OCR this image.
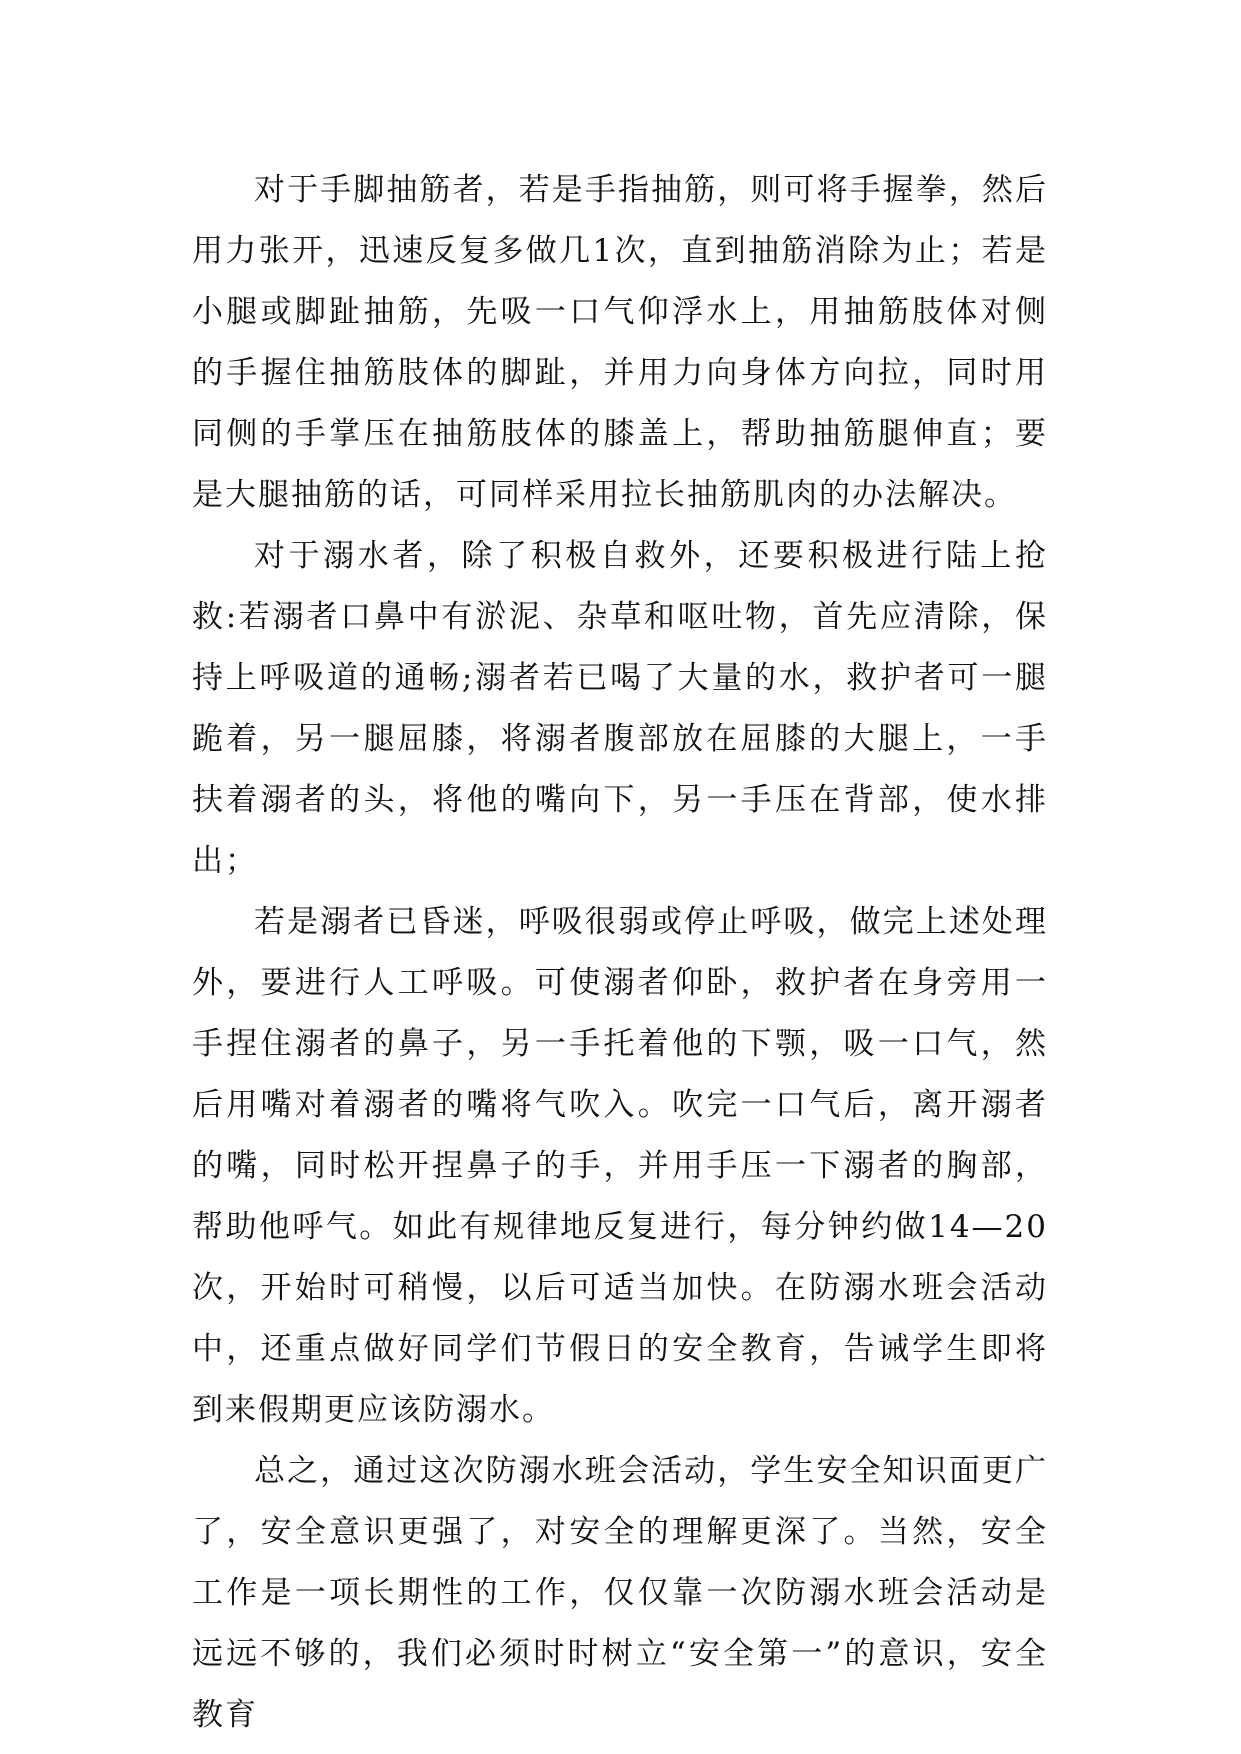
对于手脚抽筋者，若是手指抽筋，则可将手握拳，然后用力张开，迅速反复多做几1次，直到抽筋消除为止；若是小腿或脚趾抽筋，先吸一口气仰浮水上，用抽筋肢体对侧的手握住抽筋肢体的脚趾，并用力向身体方向拉，同时用同侧的手掌压在抽筋肢体的膝盖上，帮助抽筋腿伸直；要是大腿抽筋的话，可同样采用拉长抽筋肌肉的办法解决。

对于溺水者，除了积极自救外，还要积极进行陆上抢救:若溺者口鼻中有淤泥、杂草和呕吐物，首先应清除，保持上呼吸道的通畅;溺者若已喝了大量的水，救护者可一腿跪着，另一腿屈膝，将溺者腹部放在屈膝的大腿上，一手扶着溺者的头，将他的嘴向下，另一手压在背部，使水排出；

若是溺者已昏迷，呼吸很弱或停止呼吸，做完上述处理外，要进行人工呼吸。可使溺者仰卧，救护者在身旁用一手捏住溺者的鼻子，另一手托着他的下颚，吸一口气，然后用嘴对着溺者的嘴将气吹入。吹完一口气后，离开溺者的嘴，同时松开捏鼻子的手，并用手压一下溺者的胸部，帮助他呼气。如此有规律地反复进行，每分钟约做14—20次，开始时可稍慢，以后可适当加快。在防溺水班会活动中，还重点做好同学们节假日的安全教育，告诫学生即将到来假期更应该防溺水。

总之，通过这次防溺水班会活动，学生安全知识面更广了，安全意识更强了，对安全的理解更深了。当然，安全工作是一项长期性的工作，仅仅靠一次防溺水班会活动是远远不够的，我们必须时时树立“安全第一”的意识，安全教育
